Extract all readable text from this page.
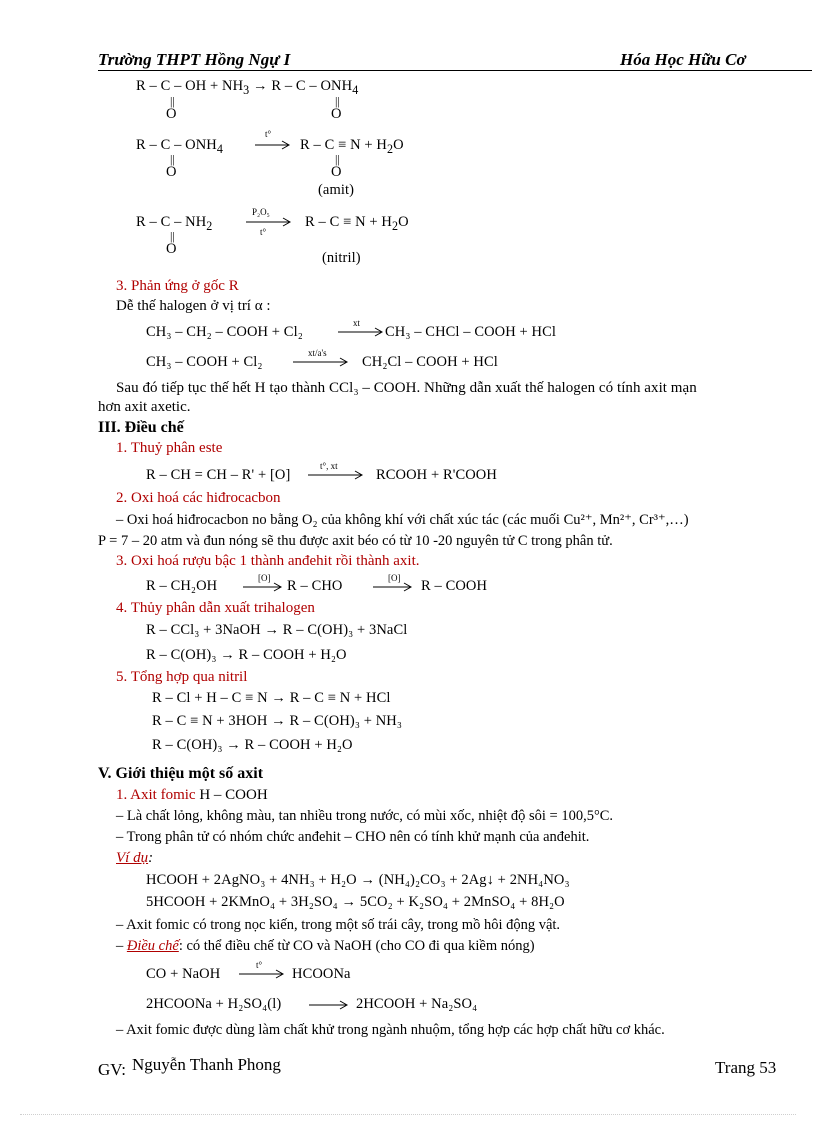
Trường THPT Hồng Ngự I	Hóa Học Hữu Cơ
R – C – OH + $NH_3 \to R - C - ONH_4$
||
O
||
O
R – C – $ONH_4$
t°
→ $R - C \equiv N + H_2O$
||
O
||
O
(amit)
R – C – $NH_2$
P₂O₅
t°
$R - C \equiv N + H_2O$
||
O
(nitril)
3. Phản ứng ở gốc R
Dễ thế halogen ở vị trí α :
CH₃ – CH₂ – COOH + Cl₂
xt
→ CH₃ – CHCl – COOH + HCl
CH₃ – COOH + Cl₂
xt/a's
→ CH₂Cl – COOH + HCl
Sau đó tiếp tục thế hết H tạo thành CCl₃ – COOH. Những dẫn xuất thế halogen có tính axit mạn
hơn axit axetic.
III. Điều chế
1. Thuỷ phân este
R – CH = CH – R' + [O]
t°, xt
→ RCOOH + R'COOH
2. Oxi hoá các hiđrocacbon
– Oxi hoá hiđrocacbon no bằng O₂ của không khí với chất xúc tác (các muối Cu²⁺, Mn²⁺, Cr³⁺,…)
P = 7 – 20 atm và đun nóng sẽ thu được axit béo có từ 10 -20 nguyên tử C trong phân tử.
3. Oxi hoá rượu bậc 1 thành anđehit rồi thành axit.
R – CH₂OH	[O] → R – CHO	[O] → R – COOH
4. Thủy phân dẫn xuất trihalogen
R – CCl₃ + 3NaOH → R – C(OH)₃ + 3NaCl
R – C(OH)₃ → R – COOH + H₂O
5. Tổng hợp qua nitril
R – Cl + H – C ≡ N → R – C ≡ N + HCl
R – C ≡ N + 3HOH → R – C(OH)₃ + NH₃
R – C(OH)₃ → R – COOH + H₂O
V. Giới thiệu một số axit
1. Axit fomic H – COOH
– Là chất lỏng, không màu, tan nhiều trong nước, có mùi xốc, nhiệt độ sôi = 100,5°C.
– Trong phân tử có nhóm chức anđehit – CHO nên có tính khử mạnh của anđehit.
Ví dụ:
HCOOH + 2AgNO₃ + 4NH₃ + H₂O → (NH₄)₂CO₃ + 2Ag↓ + 2NH₄NO₃
5HCOOH + 2KMnO₄ + 3H₂SO₄ → 5CO₂ + K₂SO₄ + 2MnSO₄ + 8H₂O
– Axit fomic có trong nọc kiến, trong một số trái cây, trong mồ hôi động vật.
– Điều chế: có thể điều chế từ CO và NaOH (cho CO đi qua kiềm nóng)
CO + NaOH
t°
→ HCOONa
2HCOONa + H₂SO₄(l) → 2HCOOH + Na₂SO₄
– Axit fomic được dùng làm chất khử trong ngành nhuộm, tổng hợp các hợp chất hữu cơ khác.
GV: Nguyễn Thanh Phong	Trang 53
